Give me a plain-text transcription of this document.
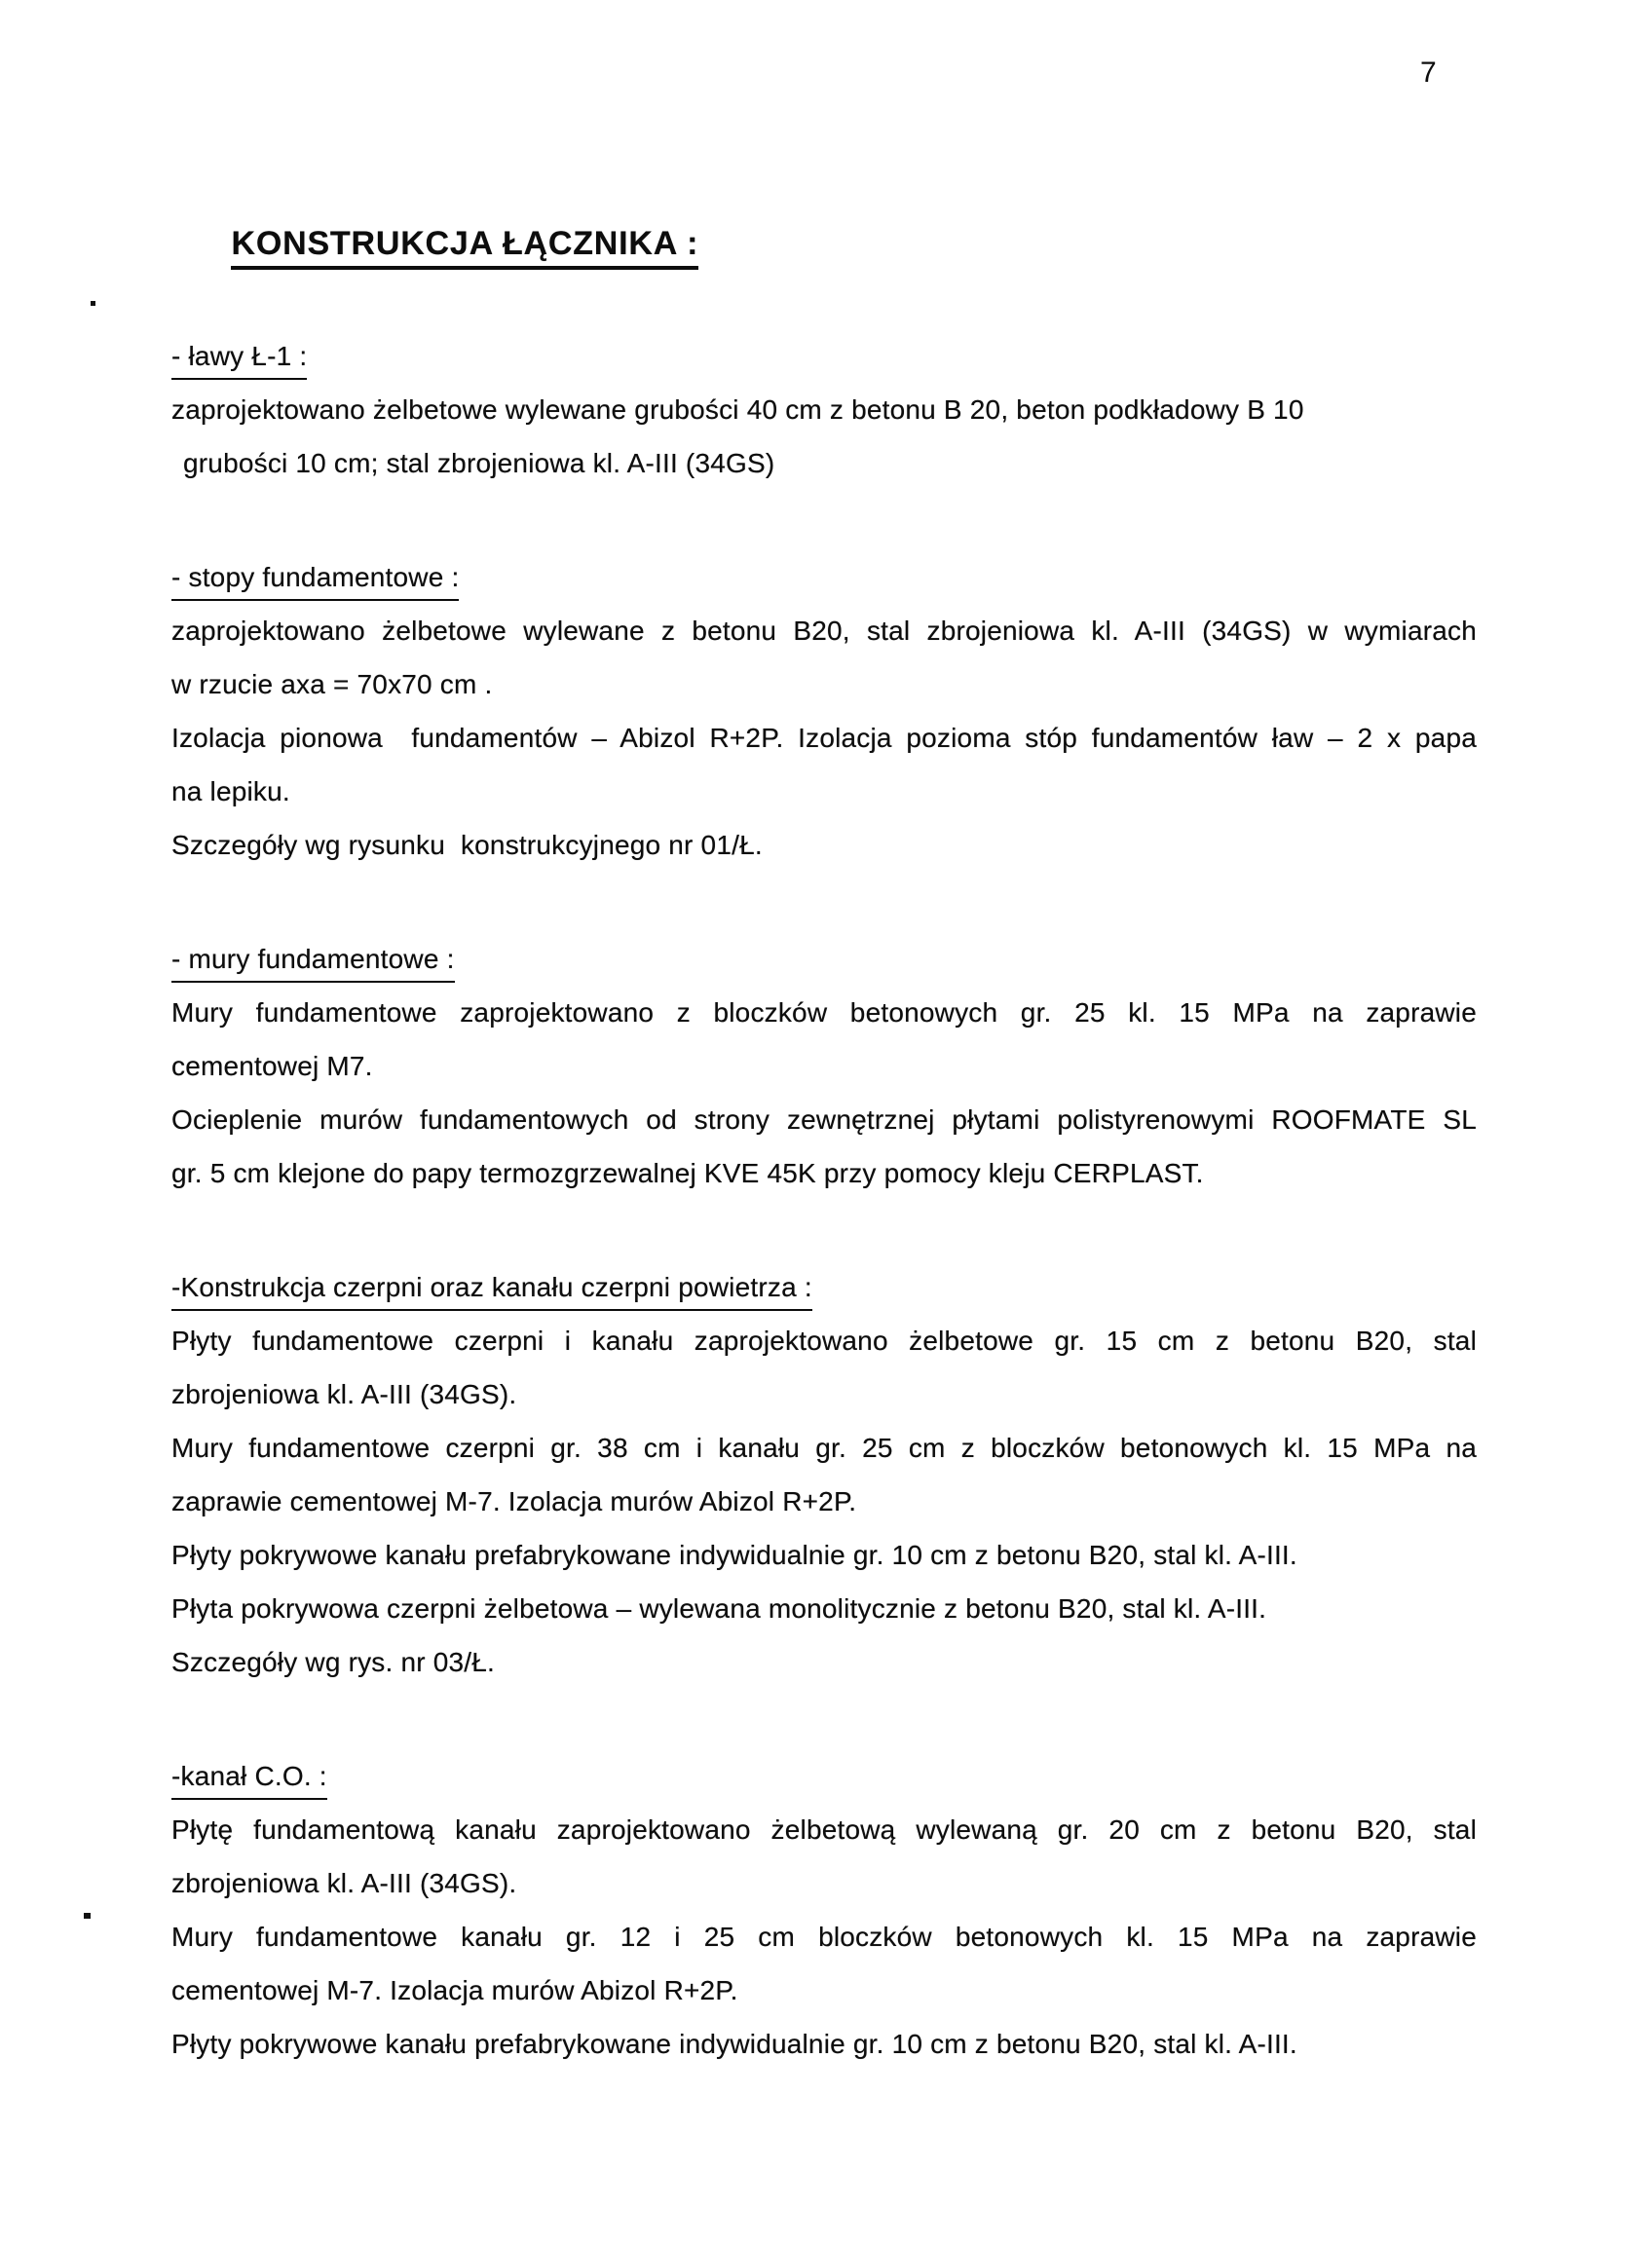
7

KONSTRUKCJA ŁĄCZNIKA :

- ławy Ł-1 :
zaprojektowano żelbetowe wylewane grubości 40 cm z betonu B 20, beton podkładowy B 10
grubości 10 cm; stal zbrojeniowa kl. A-III (34GS)
- stopy fundamentowe :
zaprojektowano żelbetowe wylewane z betonu B20, stal zbrojeniowa kl. A-III (34GS) w wymiarach
w rzucie axa = 70x70 cm .
Izolacja pionowa  fundamentów – Abizol R+2P. Izolacja pozioma stóp fundamentów ław – 2 x papa
na lepiku.
Szczegóły wg rysunku  konstrukcyjnego nr 01/Ł.
- mury fundamentowe :
Mury fundamentowe zaprojektowano z bloczków betonowych gr. 25 kl. 15 MPa na zaprawie
cementowej M7.
Ocieplenie murów fundamentowych od strony zewnętrznej płytami polistyrenowymi ROOFMATE SL
gr. 5 cm klejone do papy termozgrzewalnej KVE 45K przy pomocy kleju CERPLAST.
-Konstrukcja czerpni oraz kanału czerpni powietrza :
Płyty fundamentowe czerpni i kanału zaprojektowano żelbetowe gr. 15 cm z betonu B20, stal
zbrojeniowa kl. A-III (34GS).
Mury fundamentowe czerpni gr. 38 cm i kanału gr. 25 cm z bloczków betonowych kl. 15 MPa na
zaprawie cementowej M-7. Izolacja murów Abizol R+2P.
Płyty pokrywowe kanału prefabrykowane indywidualnie gr. 10 cm z betonu B20, stal kl. A-III.
Płyta pokrywowa czerpni żelbetowa – wylewana monolitycznie z betonu B20, stal kl. A-III.
Szczegóły wg rys. nr 03/Ł.
-kanał C.O. :
Płytę fundamentową kanału zaprojektowano żelbetową wylewaną gr. 20 cm z betonu B20, stal
zbrojeniowa kl. A-III (34GS).
Mury fundamentowe kanału gr. 12 i 25 cm bloczków betonowych kl. 15 MPa na zaprawie
cementowej M-7. Izolacja murów Abizol R+2P.
Płyty pokrywowe kanału prefabrykowane indywidualnie gr. 10 cm z betonu B20, stal kl. A-III.
